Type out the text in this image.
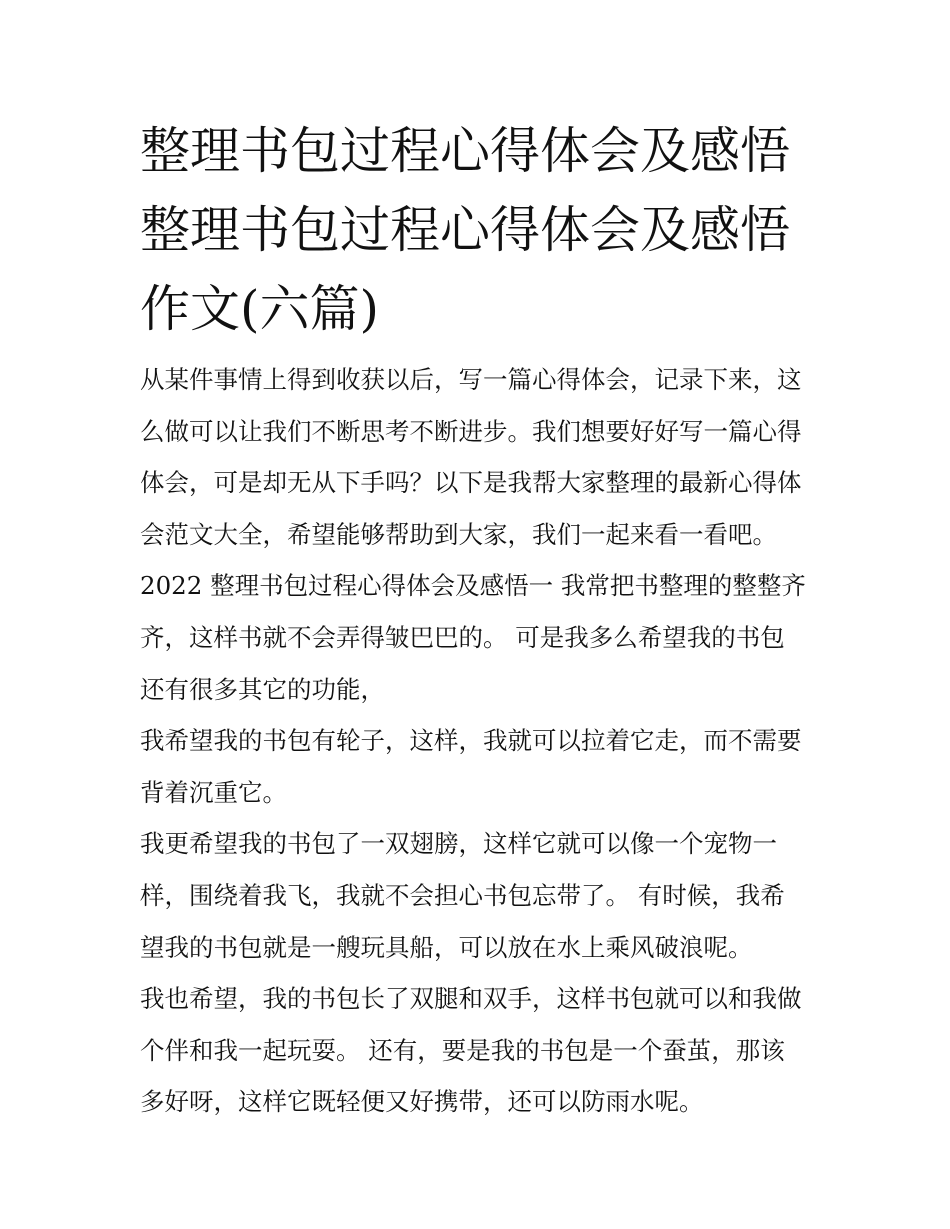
整理书包过程心得体会及感悟
整理书包过程心得体会及感悟
作文(六篇)
从某件事情上得到收获以后，写一篇心得体会，记录下来，这
么做可以让我们不断思考不断进步。我们想要好好写一篇心得
体会，可是却无从下手吗？以下是我帮大家整理的最新心得体
会范文大全，希望能够帮助到大家，我们一起来看一看吧。
2022 整理书包过程心得体会及感悟一 我常把书整理的整整齐
齐，这样书就不会弄得皱巴巴的。 可是我多么希望我的书包
还有很多其它的功能，
我希望我的书包有轮子，这样，我就可以拉着它走，而不需要
背着沉重它。
我更希望我的书包了一双翅膀，这样它就可以像一个宠物一
样，围绕着我飞，我就不会担心书包忘带了。 有时候，我希
望我的书包就是一艘玩具船，可以放在水上乘风破浪呢。
我也希望，我的书包长了双腿和双手，这样书包就可以和我做
个伴和我一起玩耍。 还有，要是我的书包是一个蚕茧，那该
多好呀，这样它既轻便又好携带，还可以防雨水呢。
